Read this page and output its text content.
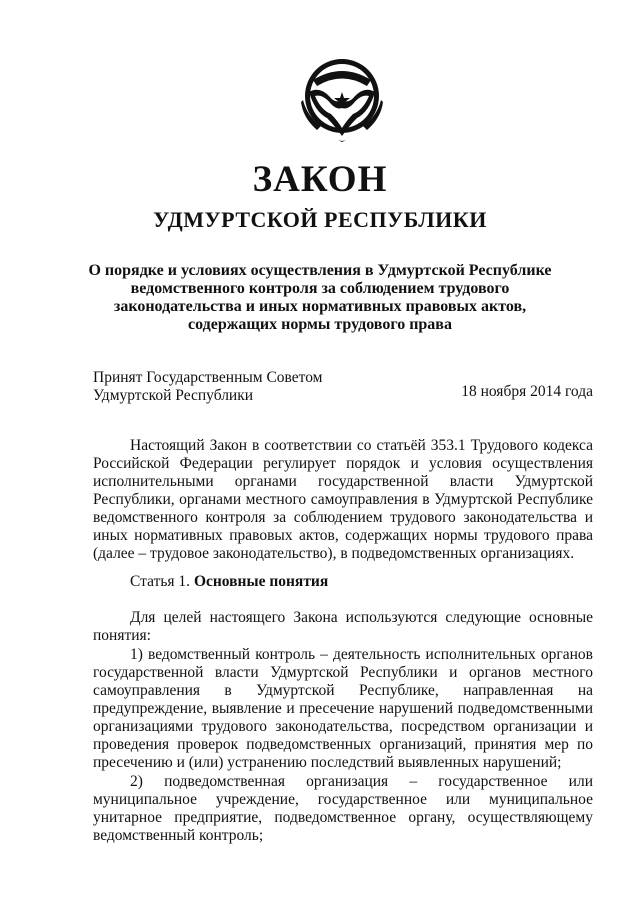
ЗАКОН
УДМУРТСКОЙ РЕСПУБЛИКИ
О порядке и условиях осуществления в Удмуртской Республике ведомственного контроля за соблюдением трудового законодательства и иных нормативных правовых актов, содержащих нормы трудового права
Принят Государственным Советом
Удмуртской Республики	18 ноября 2014 года
Настоящий Закон в соответствии со статьёй 353.1 Трудового кодекса Российской Федерации регулирует порядок и условия осуществления исполнительными органами государственной власти Удмуртской Республики, органами местного самоуправления в Удмуртской Республике ведомственного контроля за соблюдением трудового законодательства и иных нормативных правовых актов, содержащих нормы трудового права (далее – трудовое законодательство), в подведомственных организациях.
Статья 1. Основные понятия
Для целей настоящего Закона используются следующие основные понятия:
1) ведомственный контроль – деятельность исполнительных органов государственной власти Удмуртской Республики и органов местного самоуправления в Удмуртской Республике, направленная на предупреждение, выявление и пресечение нарушений подведомственными организациями трудового законодательства, посредством организации и проведения проверок подведомственных организаций, принятия мер по пресечению и (или) устранению последствий выявленных нарушений;
2) подведомственная организация – государственное или муниципальное учреждение, государственное или муниципальное унитарное предприятие, подведомственное органу, осуществляющему ведомственный контроль;
